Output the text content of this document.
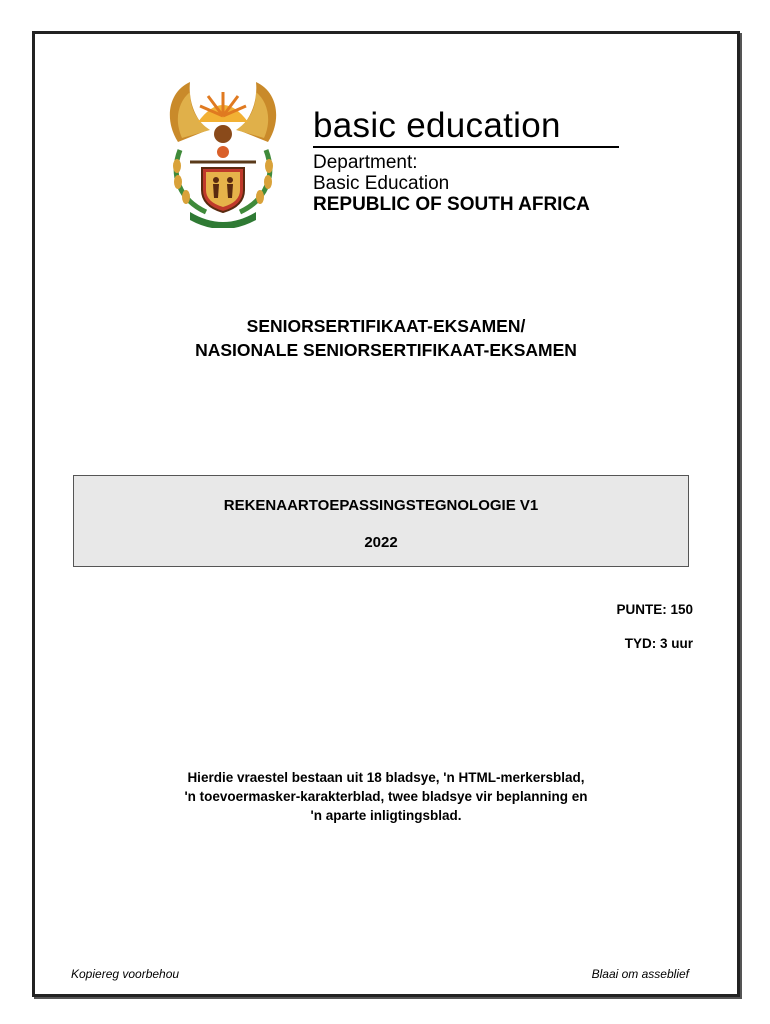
basic education
Department:
Basic Education
REPUBLIC OF SOUTH AFRICA
SENIORSERTIFIKAAT-EKSAMEN/
NASIONALE SENIORSERTIFIKAAT-EKSAMEN
REKENAARTOEPASSINGSTEGNOLOGIE V1
2022
PUNTE: 150
TYD: 3 uur
Hierdie vraestel bestaan uit 18 bladsye, 'n HTML-merkersblad,
'n toevoermasker-karakterblad, twee bladsye vir beplanning en
'n aparte inligtingsblad.
Kopiereg voorbehou	Blaai om asseblief
